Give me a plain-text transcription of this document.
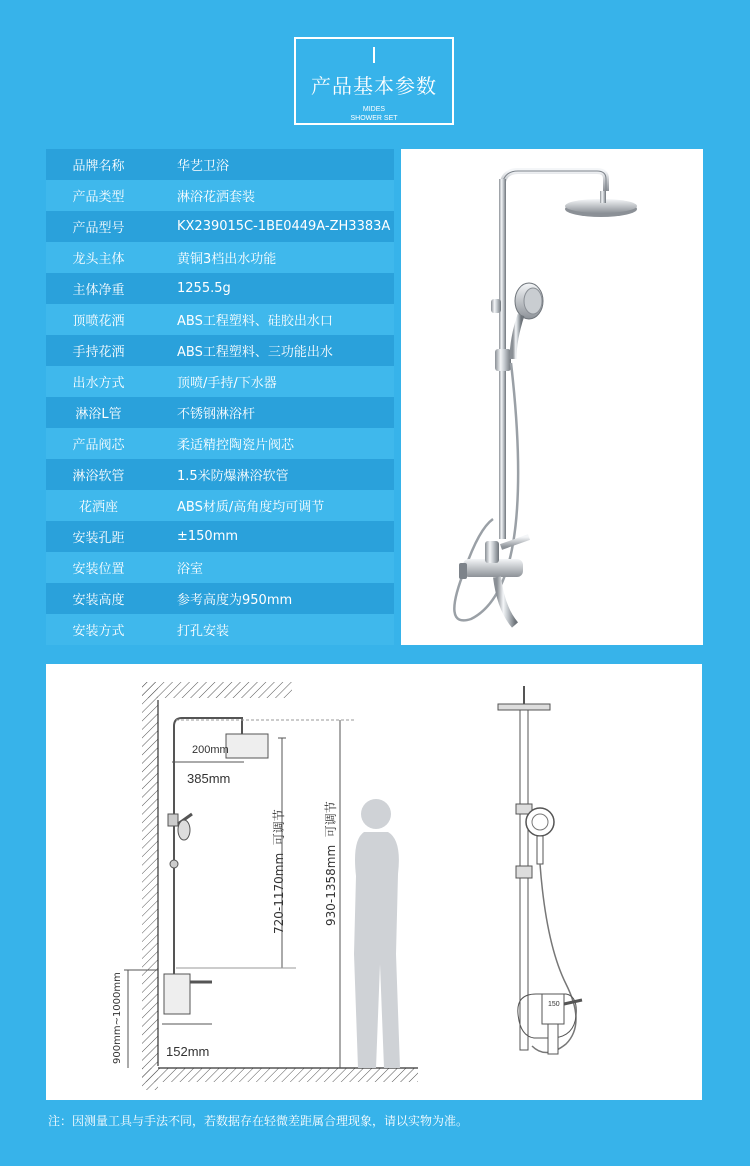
产品基本参数
MIDES
SHOWER SET
品牌名称	华艺卫浴
产品类型	淋浴花洒套装
产品型号	KX239015C-1BE0449A-ZH3383A
龙头主体	黄铜3档出水功能
主体净重	1255.5g
顶喷花洒	ABS工程塑料、硅胶出水口
手持花洒	ABS工程塑料、三功能出水
出水方式	顶喷/手持/下水器
淋浴L管	不锈钢淋浴杆
产品阀芯	柔适精控陶瓷片阀芯
淋浴软管	1.5米防爆淋浴软管
花洒座	ABS材质/高角度均可调节
安装孔距	±150mm
安装位置	浴室
安装高度	参考高度为950mm
安装方式	打孔安装
200mm
385mm
720-1170mm  可调节
930-1358mm  可调节
900mm~1000mm	152mm
150
注：因测量工具与手法不同，若数据存在轻微差距属合理现象，请以实物为准。
